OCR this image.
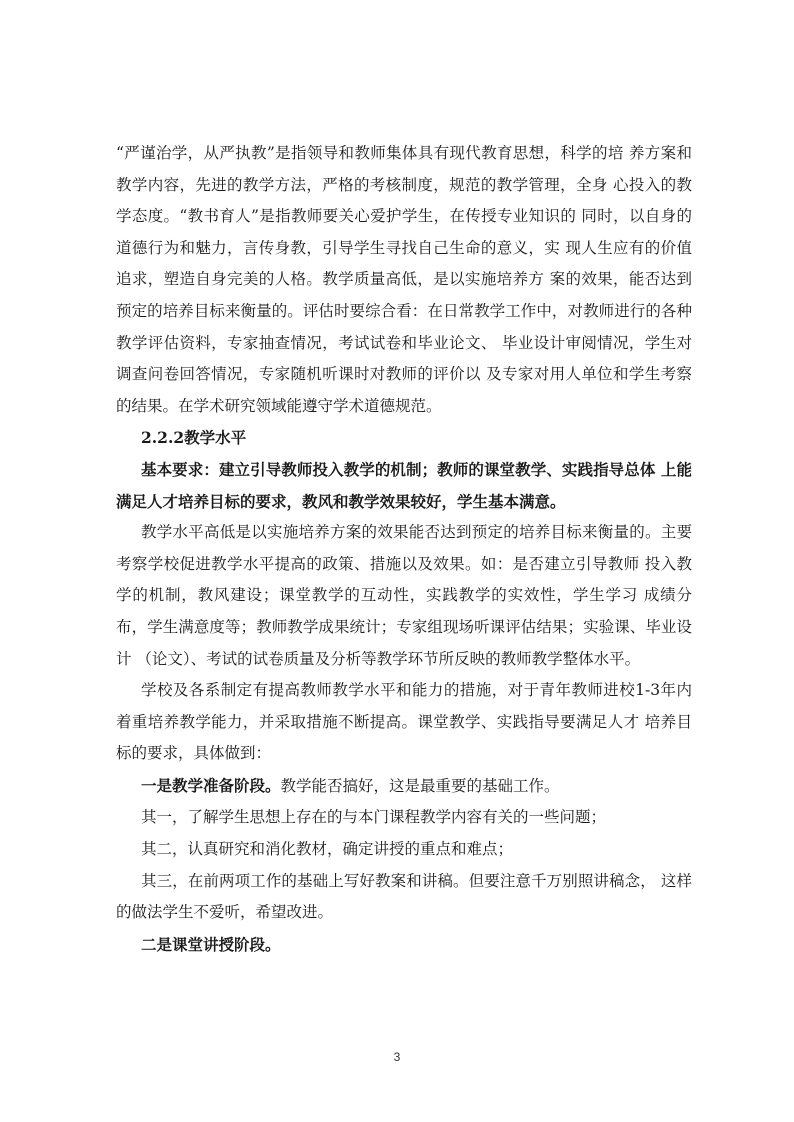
“严谨治学，从严执教”是指领导和教师集体具有现代教育思想，科学的培 养方案和教学内容，先进的教学方法，严格的考核制度，规范的教学管理，全身 心投入的教学态度。“教书育人”是指教师要关心爱护学生，在传授专业知识的 同时，以自身的道德行为和魅力，言传身教，引导学生寻找自己生命的意义，实 现人生应有的价值追求，塑造自身完美的人格。教学质量高低，是以实施培养方 案的效果，能否达到预定的培养目标来衡量的。评估时要综合看：在日常教学工作中，对教师进行的各种教学评估资料，专家抽查情况，考试试卷和毕业论文、 毕业设计审阅情况，学生对调查问卷回答情况，专家随机听课时对教师的评价以 及专家对用人单位和学生考察的结果。在学术研究领域能遵守学术道德规范。

2.2.2教学水平

基本要求：建立引导教师投入教学的机制；教师的课堂教学、实践指导总体 上能满足人才培养目标的要求，教风和教学效果较好，学生基本满意。

教学水平高低是以实施培养方案的效果能否达到预定的培养目标来衡量的。主要考察学校促进教学水平提高的政策、措施以及效果。如：是否建立引导教师 投入教学的机制，教风建设；课堂教学的互动性，实践教学的实效性，学生学习 成绩分布，学生满意度等；教师教学成果统计；专家组现场听课评估结果；实验课、毕业设计 （论文）、考试的试卷质量及分析等教学环节所反映的教师教学整体水平。

学校及各系制定有提高教师教学水平和能力的措施，对于青年教师进校1-3年内着重培养教学能力，并采取措施不断提高。课堂教学、实践指导要满足人才 培养目标的要求，具体做到：

一是教学准备阶段。教学能否搞好，这是最重要的基础工作。

其一，了解学生思想上存在的与本门课程教学内容有关的一些问题；

其二，认真研究和消化教材，确定讲授的重点和难点；

其三，在前两项工作的基础上写好教案和讲稿。但要注意千万别照讲稿念， 这样的做法学生不爱听，希望改进。

二是课堂讲授阶段。

3
